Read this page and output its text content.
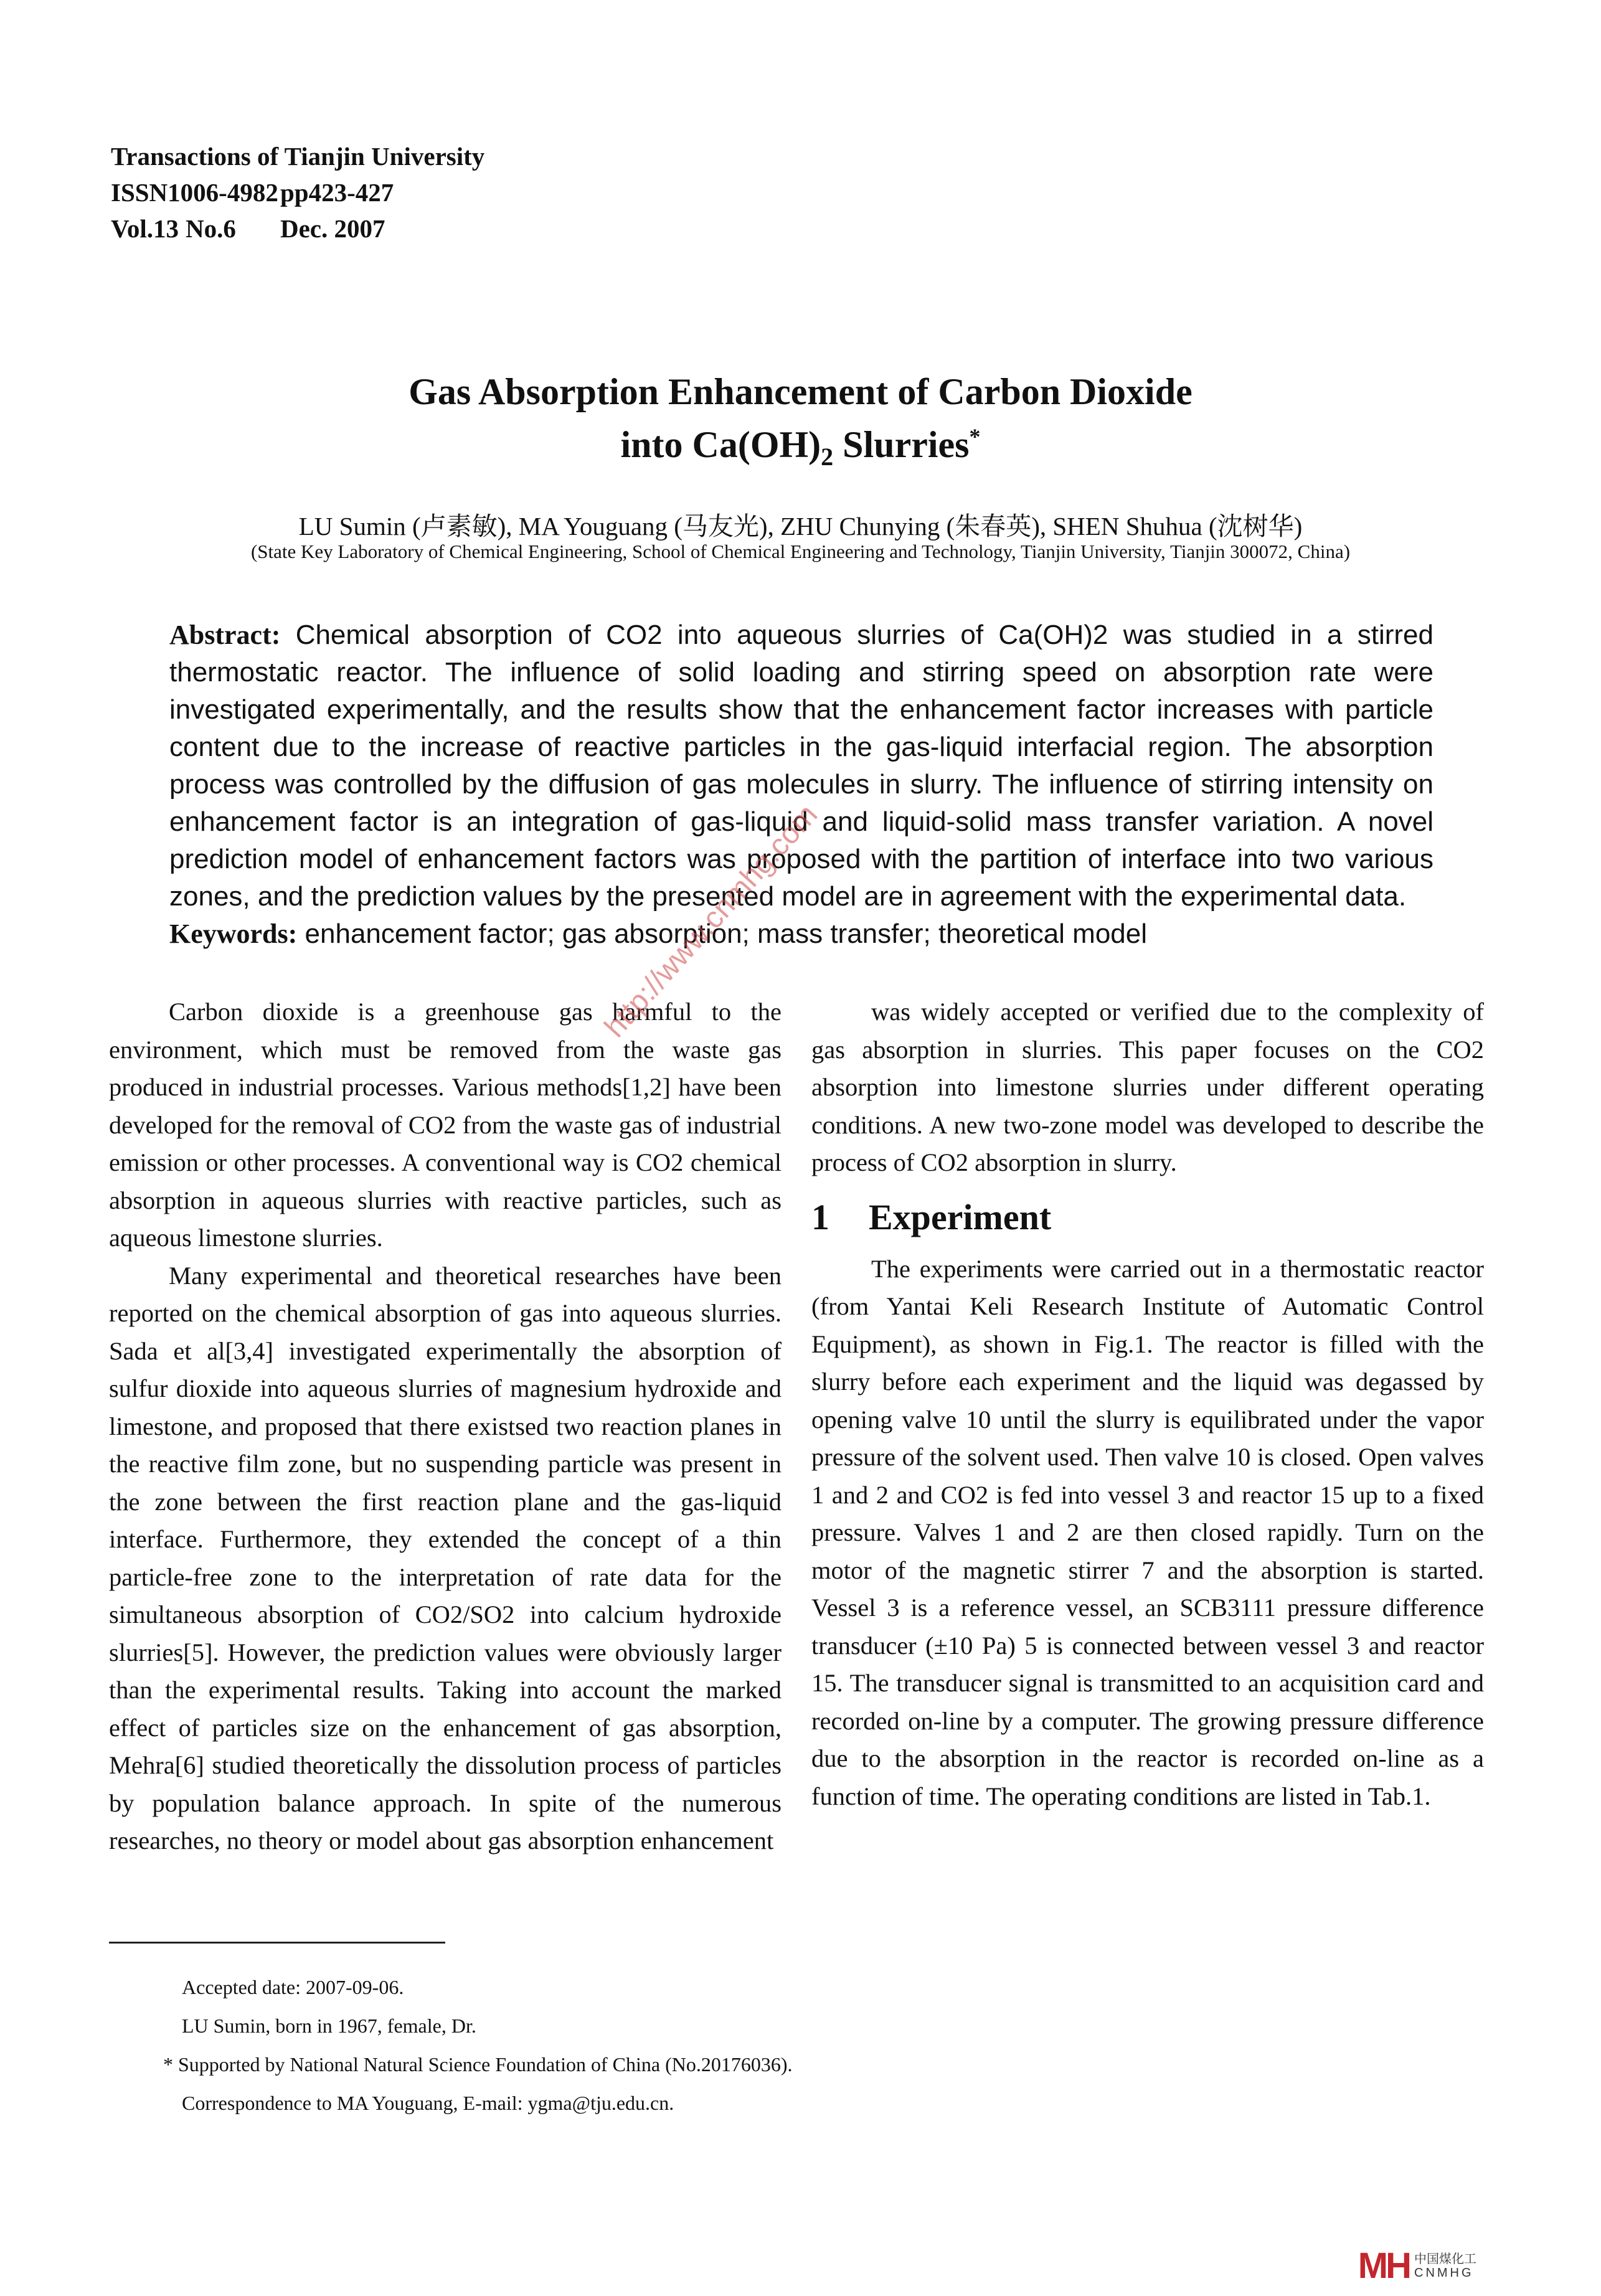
Transactions of Tianjin University
ISSN1006-4982 pp423-427
Vol.13 No.6	Dec. 2007
Gas Absorption Enhancement of Carbon Dioxide
into $Ca(OH)_2$ Slurries*
LU Sumin (卢素敏), MA Youguang (马友光), ZHU Chunying (朱春英), SHEN Shuhua (沈树华)
(State Key Laboratory of Chemical Engineering, School of Chemical Engineering and Technology, Tianjin University, Tianjin 300072, China)
Abstract: Chemical absorption of CO2 into aqueous slurries of Ca(OH)2 was studied in a stirred thermostatic reactor. The influence of solid loading and stirring speed on absorption rate were investigated experimentally, and the results show that the enhancement factor increases with particle content due to the increase of reactive particles in the gas-liquid interfacial region. The absorption process was controlled by the diffusion of gas molecules in slurry. The influence of stirring intensity on enhancement factor is an integration of gas-liquid and liquid-solid mass transfer variation. A novel prediction model of enhancement factors was proposed with the partition of interface into two various zones, and the prediction values by the presented model are in agreement with the experimental data.
Keywords: enhancement factor; gas absorption; mass transfer; theoretical model

Carbon dioxide is a greenhouse gas harmful to the environment, which must be removed from the waste gas produced in industrial processes. Various methods[1,2] have been developed for the removal of CO2 from the waste gas of industrial emission or other processes. A conventional way is CO2 chemical absorption in aqueous slurries with reactive particles, such as aqueous limestone slurries.

Many experimental and theoretical researches have been reported on the chemical absorption of gas into aqueous slurries. Sada et al[3,4] investigated experimentally the absorption of sulfur dioxide into aqueous slurries of magnesium hydroxide and limestone, and proposed that there existsed two reaction planes in the reactive film zone, but no suspending particle was present in the zone between the first reaction plane and the gas-liquid interface. Furthermore, they extended the concept of a thin particle-free zone to the interpretation of rate data for the simultaneous absorption of CO2/SO2 into calcium hydroxide slurries[5]. However, the prediction values were obviously larger than the experimental results. Taking into account the marked effect of particles size on the enhancement of gas absorption, Mehra[6] studied theoretically the dissolution process of particles by population balance approach. In spite of the numerous researches, no theory or model about gas absorption enhancement

was widely accepted or verified due to the complexity of gas absorption in slurries. This paper focuses on the CO2 absorption into limestone slurries under different operating conditions. A new two-zone model was developed to describe the process of CO2 absorption in slurry.

1 Experiment

The experiments were carried out in a thermostatic reactor (from Yantai Keli Research Institute of Automatic Control Equipment), as shown in Fig.1. The reactor is filled with the slurry before each experiment and the liquid was degassed by opening valve 10 until the slurry is equilibrated under the vapor pressure of the solvent used. Then valve 10 is closed. Open valves 1 and 2 and CO2 is fed into vessel 3 and reactor 15 up to a fixed pressure. Valves 1 and 2 are then closed rapidly. Turn on the motor of the magnetic stirrer 7 and the absorption is started. Vessel 3 is a reference vessel, an SCB3111 pressure difference transducer (±10 Pa) 5 is connected between vessel 3 and reactor 15. The transducer signal is transmitted to an acquisition card and recorded on-line by a computer. The growing pressure difference due to the absorption in the reactor is recorded on-line as a function of time. The operating conditions are listed in Tab.1.

http://www.cnmhg.com
Accepted date: 2007-09-06.
LU Sumin, born in 1967, female, Dr.
* Supported by National Natural Science Foundation of China (No.20176036).
Correspondence to MA Youguang, E-mail: ygma@tju.edu.cn.
MH 中国煤化工
CNMHG
